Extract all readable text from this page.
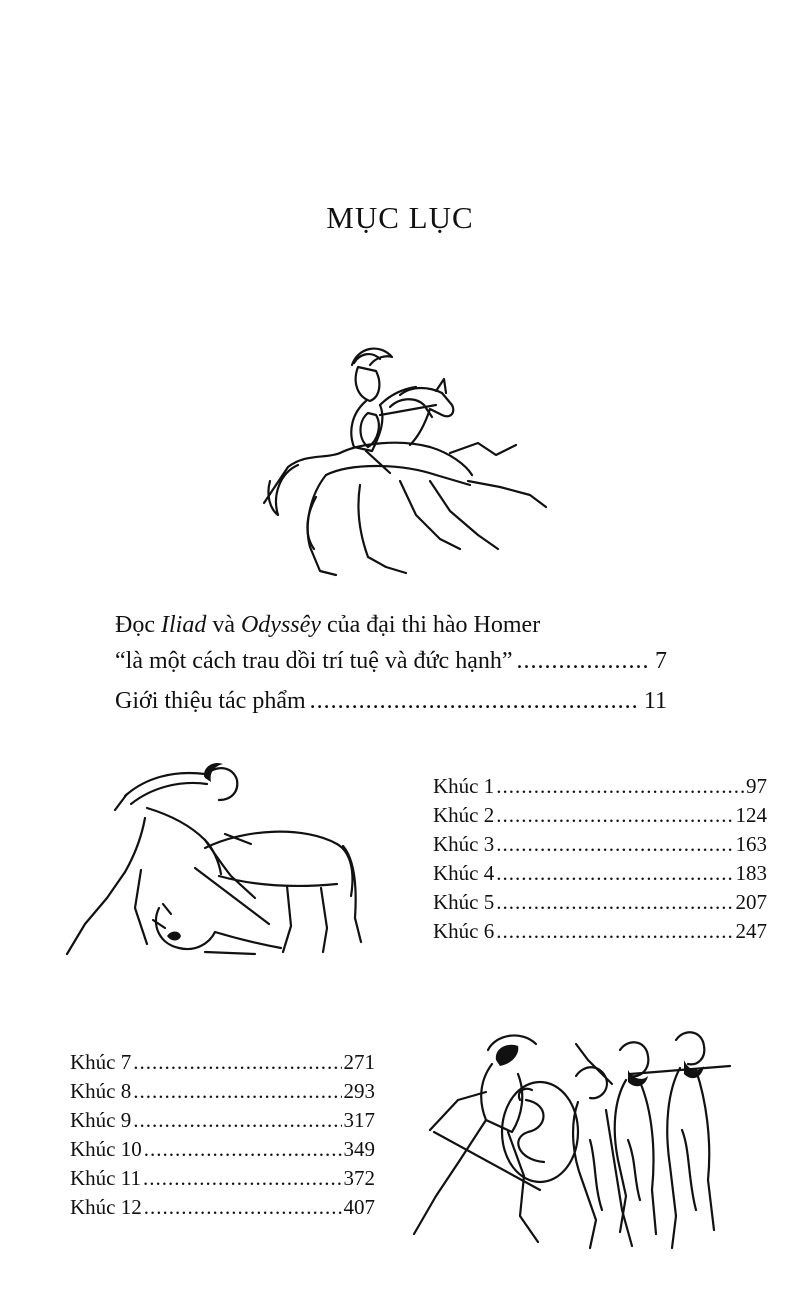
MỤC LỤC
Đọc Iliad và Odyssêy của đại thi hào Homer
“là một cách trau dồi trí tuệ và đức hạnh” .....	7
Giới thiệu tác phẩm .....	11
Khúc 1 .....	97
Khúc 2 .....	124
Khúc 3 .....	163
Khúc 4 .....	183
Khúc 5 .....	207
Khúc 6 .....	247
Khúc 7 .....	271
Khúc 8 .....	293
Khúc 9 .....	317
Khúc 10 .....	349
Khúc 11 .....	372
Khúc 12 .....	407
